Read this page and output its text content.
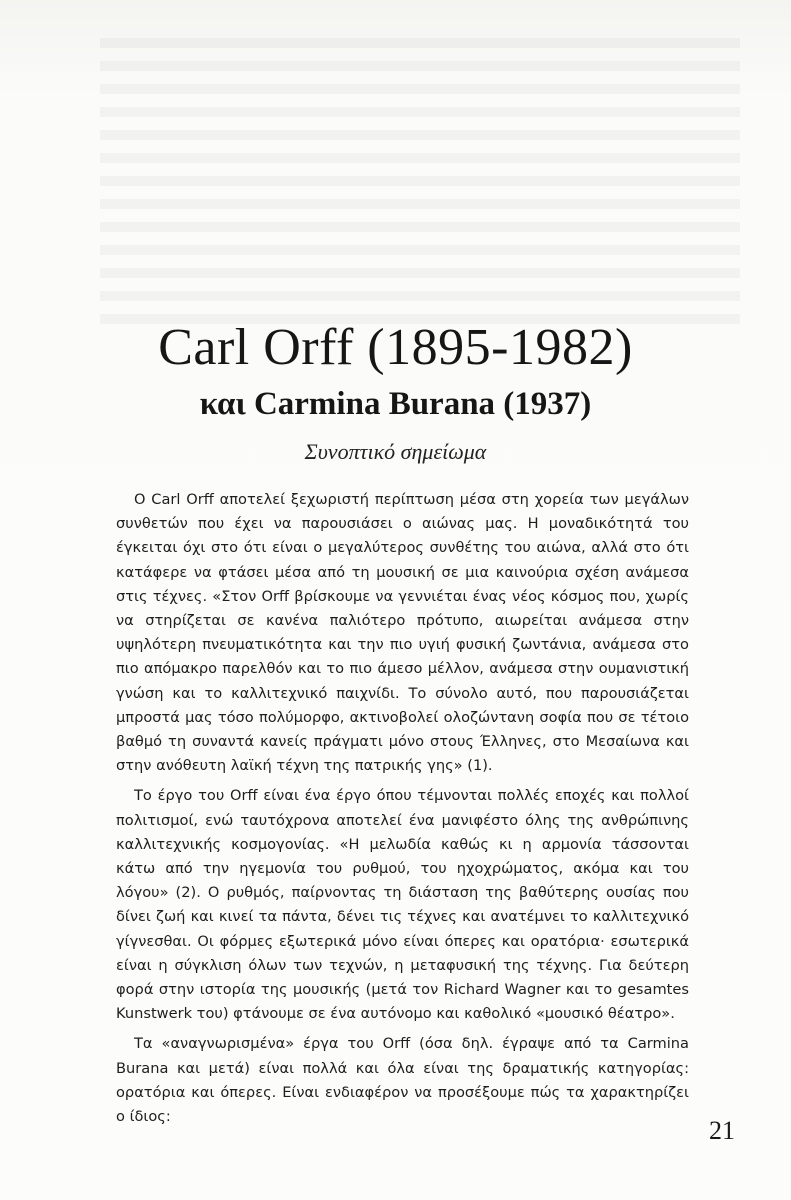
Carl Orff (1895-1982)
και Carmina Burana (1937)
Συνοπτικό σημείωμα

Ο Carl Orff αποτελεί ξεχωριστή περίπτωση μέσα στη χορεία των μεγάλων συνθετών που έχει να παρουσιάσει ο αιώνας μας. Η μοναδικότητά του έγκειται όχι στο ότι είναι ο μεγαλύτερος συνθέτης του αιώνα, αλλά στο ότι κατάφερε να φτάσει μέσα από τη μουσική σε μια καινούρια σχέση ανάμεσα στις τέχνες. «Στον Orff βρίσκουμε να γεννιέται ένας νέος κόσμος που, χωρίς να στηρίζεται σε κανένα παλιότερο πρότυπο, αιωρείται ανάμεσα στην υψηλότερη πνευματικότητα και την πιο υγιή φυσική ζωντάνια, ανάμεσα στο πιο απόμακρο παρελθόν και το πιο άμεσο μέλλον, ανάμεσα στην ουμανιστική γνώση και το καλλιτεχνικό παιχνίδι. Το σύνολο αυτό, που παρουσιάζεται μπροστά μας τόσο πολύμορφο, ακτινοβολεί ολοζώντανη σοφία που σε τέτοιο βαθμό τη συναντά κανείς πράγματι μόνο στους Έλληνες, στο Μεσαίωνα και στην ανόθευτη λαϊκή τέχνη της πατρικής γης» (1).

Το έργο του Orff είναι ένα έργο όπου τέμνονται πολλές εποχές και πολλοί πολιτισμοί, ενώ ταυτόχρονα αποτελεί ένα μανιφέστο όλης της ανθρώπινης καλλιτεχνικής κοσμογονίας. «Η μελωδία καθώς κι η αρμονία τάσσονται κάτω από την ηγεμονία του ρυθμού, του ηχοχρώματος, ακόμα και του λόγου» (2). Ο ρυθμός, παίρνοντας τη διάσταση της βαθύτερης ουσίας που δίνει ζωή και κινεί τα πάντα, δένει τις τέχνες και ανατέμνει το καλλιτεχνικό γίγνεσθαι. Οι φόρμες εξωτερικά μόνο είναι όπερες και ορατόρια· εσωτερικά είναι η σύγκλιση όλων των τεχνών, η μεταφυσική της τέχνης. Για δεύτερη φορά στην ιστορία της μουσικής (μετά τον Richard Wagner και το gesamtes Kunstwerk του) φτάνουμε σε ένα αυτόνομο και καθολικό «μουσικό θέατρο».

Τα «αναγνωρισμένα» έργα του Orff (όσα δηλ. έγραψε από τα Carmina Burana και μετά) είναι πολλά και όλα είναι της δραματικής κατηγορίας: ορατόρια και όπερες. Είναι ενδιαφέρον να προσέξουμε πώς τα χαρακτηρίζει ο ίδιος:	21
